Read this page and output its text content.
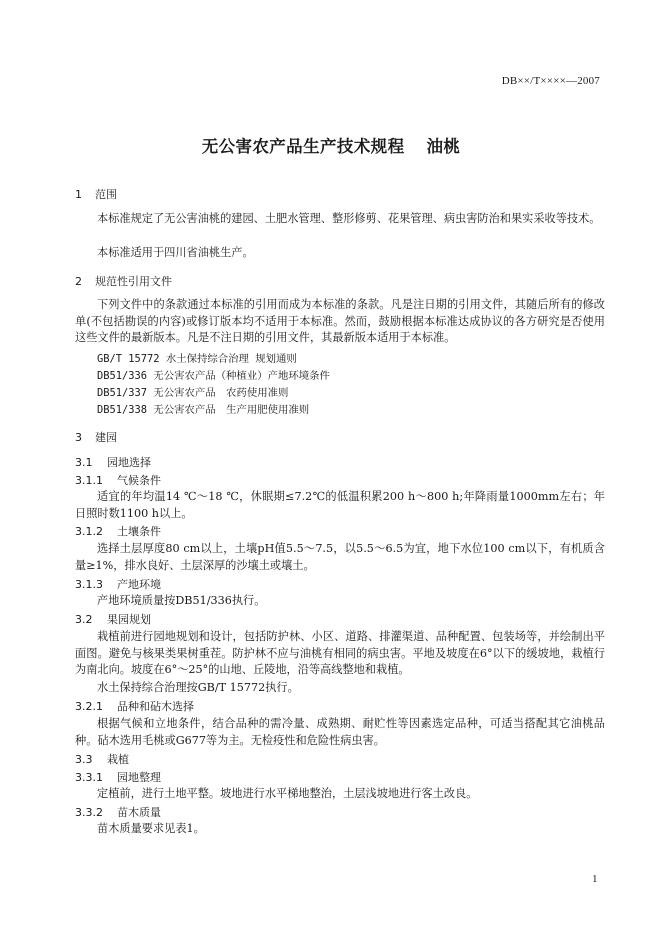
DB××/T××××—2007
无公害农产品生产技术规程 油桃
1 范围
本标准规定了无公害油桃的建园、土肥水管理、整形修剪、花果管理、病虫害防治和果实采收等技术。
本标准适用于四川省油桃生产。
2 规范性引用文件
下列文件中的条款通过本标准的引用而成为本标准的条款。凡是注日期的引用文件，其随后所有的修改单(不包括勘误的内容)或修订版本均不适用于本标准。然而，鼓励根据本标准达成协议的各方研究是否使用这些文件的最新版本。凡是不注日期的引用文件，其最新版本适用于本标准。
GB/T 15772 水土保持综合治理 规划通则
DB51/336 无公害农产品（种植业）产地环境条件
DB51/337 无公害农产品　农药使用准则
DB51/338 无公害农产品　生产用肥使用准则
3 建园
3.1 园地选择
3.1.1 气候条件
适宜的年均温14 ℃～18 ℃，休眠期≤7.2℃的低温积累200 h～800 h;年降雨量1000mm左右；年日照时数1100 h以上。
3.1.2 土壤条件
选择土层厚度80 cm以上，土壤pH值5.5～7.5，以5.5～6.5为宜，地下水位100 cm以下，有机质含量≥1%，排水良好、土层深厚的沙壤土或壤土。
3.1.3 产地环境
产地环境质量按DB51/336执行。
3.2 果园规划
栽植前进行园地规划和设计，包括防护林、小区、道路、排灌渠道、品种配置、包装场等，并绘制出平面图。避免与核果类果树重茬。防护林不应与油桃有相同的病虫害。平地及坡度在6°以下的缓坡地，栽植行为南北向。坡度在6°～25°的山地、丘陵地，沿等高线整地和栽植。
水土保持综合治理按GB/T 15772执行。
3.2.1 品种和砧木选择
根据气候和立地条件，结合品种的需冷量、成熟期、耐贮性等因素选定品种，可适当搭配其它油桃品种。砧木选用毛桃或G677等为主。无检疫性和危险性病虫害。
3.3 栽植
3.3.1 园地整理
定植前，进行土地平整。坡地进行水平梯地整治，土层浅坡地进行客土改良。
3.3.2 苗木质量
苗木质量要求见表1。
1
